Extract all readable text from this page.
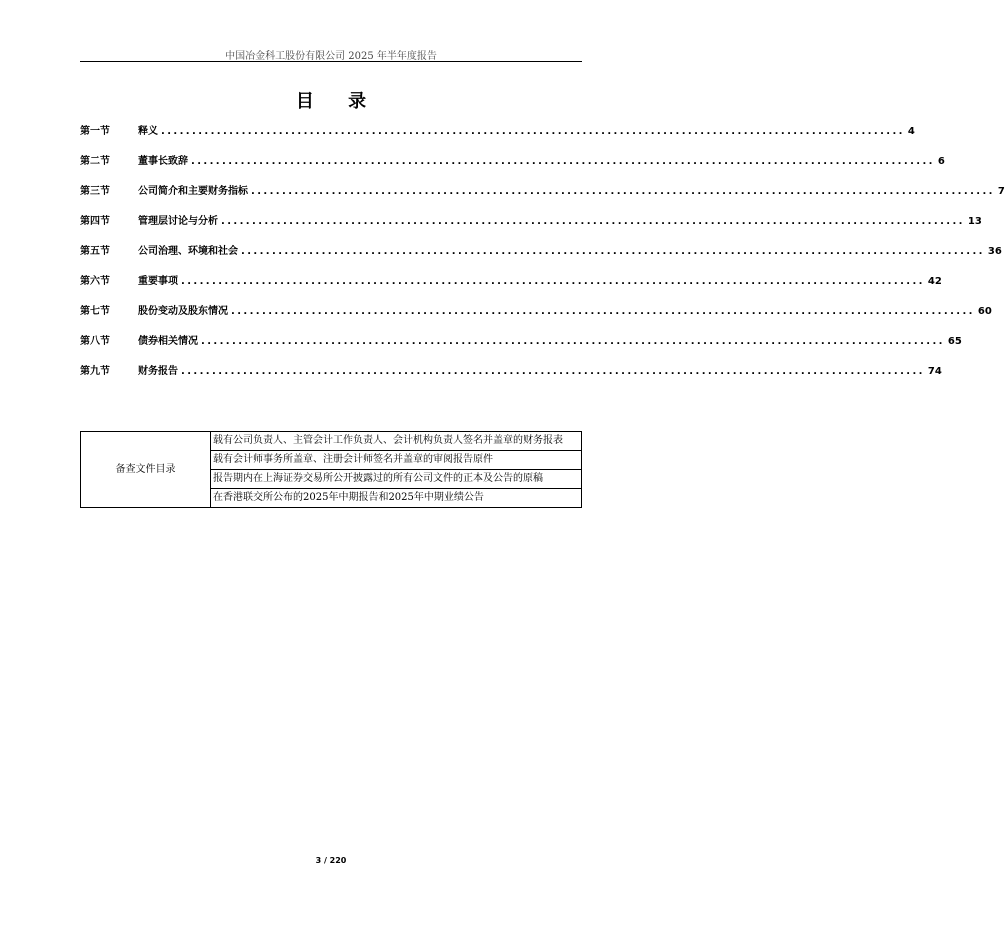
中国冶金科工股份有限公司 2025 年半年度报告
目 录
第一节	释义 ........................................................................................................................ 4
第二节	董事长致辞 ........................................................................................................................ 6
第三节	公司简介和主要财务指标 ........................................................................................................................ 7
第四节	管理层讨论与分析 ........................................................................................................................ 13
第五节	公司治理、环境和社会 ........................................................................................................................ 36
第六节	重要事项 ........................................................................................................................ 42
第七节	股份变动及股东情况 ........................................................................................................................ 60
第八节	债券相关情况 ........................................................................................................................ 65
第九节	财务报告 ........................................................................................................................ 74
备查文件目录	载有公司负责人、主管会计工作负责人、会计机构负责人签名并盖章的财务报表
载有会计师事务所盖章、注册会计师签名并盖章的审阅报告原件
报告期内在上海证券交易所公开披露过的所有公司文件的正本及公告的原稿
在香港联交所公布的2025年中期报告和2025年中期业绩公告
3 / 220
